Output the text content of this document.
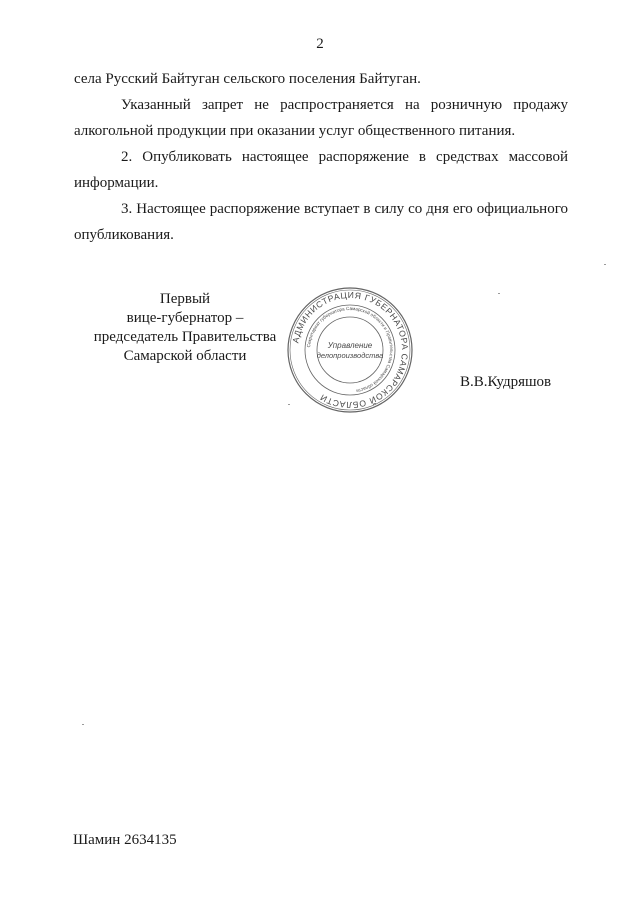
2

села Русский Байтуган сельского поселения Байтуган.

Указанный запрет не распространяется на розничную продажу алкогольной продукции при оказании услуг общественного питания.

2. Опубликовать настоящее распоряжение в средствах массовой информации.

3. Настоящее распоряжение вступает в силу со дня его официального опубликования.

Первый
вице-губернатор –
председатель Правительства
Самарской области
АДМИНИСТРАЦИЯ ГУБЕРНАТОРА САМАРСКОЙ ОБЛАСТИ
Секретариат губернатора Самарской области и Правительства Самарской области
Управление
делопроизводства
В.В.Кудряшов
Шамин 2634135
